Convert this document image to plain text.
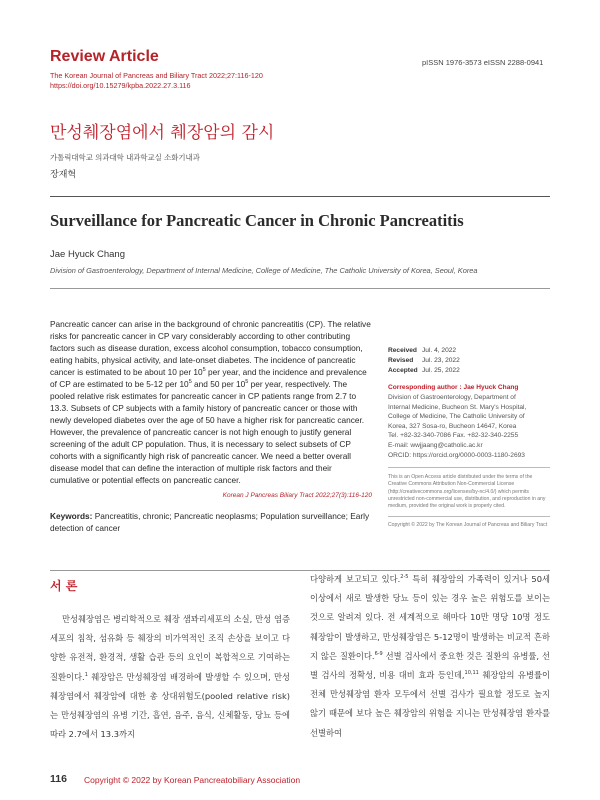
Review Article
The Korean Journal of Pancreas and Biliary Tract 2022;27:116-120
https://doi.org/10.15279/kpba.2022.27.3.116
pISSN 1976-3573 eISSN 2288-0941
만성췌장염에서 췌장암의 감시
가톨릭대학교 의과대학 내과학교실 소화기내과
장재혁
Surveillance for Pancreatic Cancer in Chronic Pancreatitis
Jae Hyuck Chang
Division of Gastroenterology, Department of Internal Medicine, College of Medicine, The Catholic University of Korea, Seoul, Korea
Pancreatic cancer can arise in the background of chronic pancreatitis (CP). The relative risks for pancreatic cancer in CP vary considerably according to other contributing factors such as disease duration, excess alcohol consumption, tobacco consumption, eating habits, physical activity, and late-onset diabetes. The incidence of pancreatic cancer is estimated to be about 10 per $10^5$ per year, and the incidence and prevalence of CP are estimated to be 5-12 per $10^5$ and 50 per $10^5$ per year, respectively. The pooled relative risk estimates for pancreatic cancer in CP patients range from 2.7 to 13.3. Subsets of CP subjects with a family history of pancreatic cancer or those with newly developed diabetes over the age of 50 have a higher risk for pancreatic cancer. However, the prevalence of pancreatic cancer is not high enough to justify general screening of the adult CP population. Thus, it is necessary to select subsets of CP cohorts with a significantly high risk of pancreatic cancer. We need a better overall disease model that can define the interaction of multiple risk factors and their cumulative or potential effects on pancreatic cancer.
Korean J Pancreas Biliary Tract 2022;27(3):116-120
Keywords: Pancreatitis, chronic; Pancreatic neoplasms; Population surveillance; Early detection of cancer
Received Jul. 4, 2022
Revised	Jul. 23, 2022
Accepted Jul. 25, 2022
Corresponding author : Jae Hyuck Chang
Division of Gastroenterology, Department of
Internal Medicine, Bucheon St. Mary's Hospital,
College of Medicine, The Catholic University of
Korea, 327 Sosa-ro, Bucheon 14647, Korea
Tel. +82-32-340-7086 Fax. +82-32-340-2255
E-mail: wwjjaang@catholic.ac.kr
ORCID: https://orcid.org/0000-0003-1180-2693
This is an Open Access article distributed under the terms of the Creative Commons Attribution Non-Commercial License (http://creativecommons.org/licenses/by-nc/4.0/) which permits unrestricted non-commercial use, distribution, and reproduction in any medium, provided the original work is properly cited.
Copyright © 2022 by The Korean Journal of Pancreas and Biliary Tract
서 론
만성췌장염은 병리학적으로 췌장 샘꽈리세포의 소실, 만성 염증세포의 침착, 섬유화 등 췌장의 비가역적인 조직 손상을 보이고 다양한 유전적, 환경적, 생활 습관 등의 요인이 복합적으로 기여하는 질환이다.$^1$ 췌장암은 만성췌장염 배경하에 발생할 수 있으며, 만성췌장염에서 췌장암에 대한 총 상대위험도(pooled relative risk)는 만성췌장염의 유병 기간, 흡연, 음주, 음식, 신체활동, 당뇨 등에 따라 2.7에서 13.3까지
다양하게 보고되고 있다.$^{2-5}$ 특히 췌장암의 가족력이 있거나 50세 이상에서 새로 발생한 당뇨 등이 있는 경우 높은 위험도를 보이는 것으로 알려져 있다. 전 세계적으로 해마다 10만 명당 10명 정도 췌장암이 발생하고, 만성췌장염은 5-12명이 발생하는 비교적 흔하지 않은 질환이다.$^{6-9}$ 선별 검사에서 중요한 것은 질환의 유병률, 선별 검사의 정확성, 비용 대비 효과 등인데,$^{10,11}$ 췌장암의 유병률이 전체 만성췌장염 환자 모두에서 선별 검사가 필요할 정도로 높지 않기 때문에 보다 높은 췌장암의 위험을 지니는 만성췌장염 환자를 선별하여
116 Copyright © 2022 by Korean Pancreatobiliary Association
